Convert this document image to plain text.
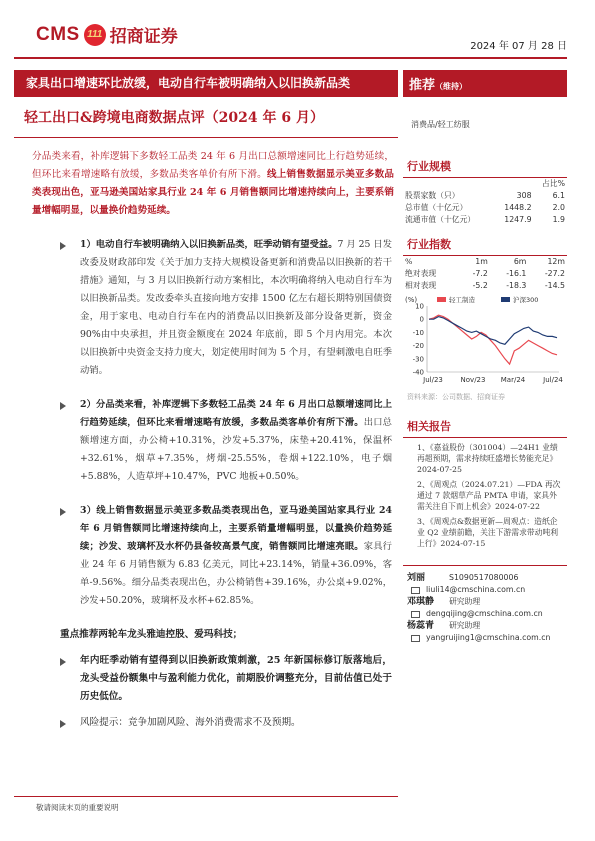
CMS 111 招商证券	2024 年 07 月 28 日
家具出口增速环比放缓，电动自行车被明确纳入以旧换新品类
轻工出口&跨境电商数据点评（2024 年 6 月）
分品类来看，补库逻辑下多数轻工品类 24 年 6 月出口总额增速同比上行趋势延续，但环比来看增速略有放缓，多数品类客单价有所下滑。线上销售数据显示美亚多数品类表现出色，亚马逊美国站家具行业 24 年 6 月销售额同比增速持续向上，主要系销量增幅明显，以量换价趋势延续。
1）电动自行车被明确纳入以旧换新品类，旺季动销有望受益。7 月 25 日发改委及财政部印发《关于加力支持大规模设备更新和消费品以旧换新的若干措施》通知，与 3 月以旧换新行动方案相比，本次明确将纳入电动自行车为以旧换新品类。发改委牵头直接向地方安排 1500 亿左右超长期特别国债资金，用于家电、电动自行车在内的消费品以旧换新及部分设备更新，资金 90%由中央承担，并且资金额度在 2024 年底前，即 5 个月内用完。本次以旧换新中央资金支持力度大，划定使用时间为 5 个月，有望刺激电自旺季动销。
2）分品类来看，补库逻辑下多数轻工品类 24 年 6 月出口总额增速同比上行趋势延续，但环比来看增速略有放缓，多数品类客单价有所下滑。出口总额增速方面，办公椅+10.31%，沙发+5.37%，床垫+20.41%，保温杯+32.61%，烟草+7.35%，烤烟-25.55%，卷烟+122.10%，电子烟+5.88%，人造草坪+10.47%，PVC 地板+0.50%。
3）线上销售数据显示美亚多数品类表现出色，亚马逊美国站家具行业 24 年 6 月销售额同比增速持续向上，主要系销量增幅明显，以量换价趋势延续；沙发、玻璃杯及水杯仍县备较高景气度，销售额同比增速亮眼。家具行业 24 年 6 月销售额为 6.83 亿美元，同比+23.14%，销量+36.09%，客单-9.56%。细分品类表现出色，办公椅销售+39.16%，办公桌+9.02%，沙发+50.20%，玻璃杯及水杯+62.85%。
重点推荐两轮车龙头雅迪控股、爱玛科技；
年内旺季动销有望得到以旧换新政策刺激，25 年新国标修订版落地后，龙头受益份额集中与盈利能力优化，前期股价调整充分，目前估值已处于历史低位。
风险提示：竞争加剧风险、海外消费需求不及预期。
敬请阅读末页的重要说明
推荐（维持）
消费品/轻工纺服
行业规模
		占比%
股票家数（只）	308	6.1
总市值（十亿元）	1448.2	2.0
流通市值（十亿元）	1247.9	1.9
行业指数
%	1m	6m	12m
绝对表现	-7.2	-16.1	-27.2
相对表现	-5.2	-18.3	-14.5
(%)
10
0
-10
-20
-30
-40
Jul/23	Nov/23 Mar/24	Jul/24
轻工制造	沪深300
资料来源：公司数据、招商证券
相关报告
1、《嘉益股份（301004）—24H1 业绩再超预期，需求持续旺盛增长势能充足》2024-07-25
2、《周观点（2024.07.21）—FDA 再次通过 7 款烟草产品 PMTA 申请，家具外需关注自下而上机会》2024-07-22
3、《周观点&数据更新—周观点：造纸企业 Q2 业绩前瞻，关注下游需求带动吨利上行》2024-07-15
刘丽	S1090517080006
liuli14@cmschina.com.cn
邓琪静 研究助理
dengqijing@cmschina.com.cn
杨蕊青 研究助理
yangruijing1@cmschina.com.cn
